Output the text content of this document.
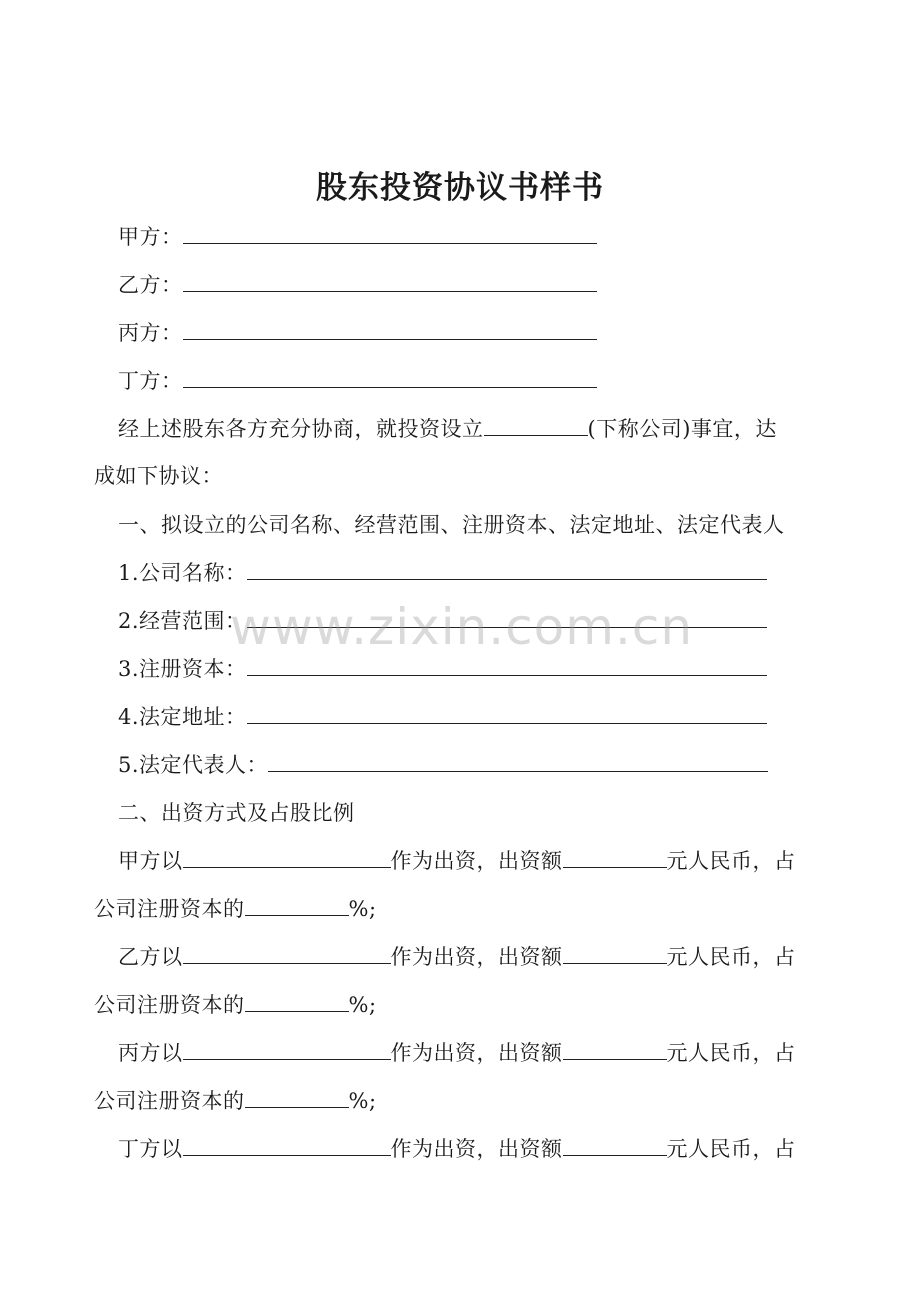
股东投资协议书样书
甲方：
乙方：
丙方：
丁方：
经上述股东各方充分协商，就投资设立	(下称公司)事宜，达
成如下协议：
一、拟设立的公司名称、经营范围、注册资本、法定地址、法定代表人
1.公司名称：
2.经营范围：
3.注册资本：
4.法定地址：
5.法定代表人：
二、出资方式及占股比例
甲方以	作为出资，出资额	元人民币，占
公司注册资本的	%;
乙方以	作为出资，出资额	元人民币，占
公司注册资本的	%;
丙方以	作为出资，出资额	元人民币，占
公司注册资本的	%;
丁方以	作为出资，出资额	元人民币，占
www.zixin.com.cn
